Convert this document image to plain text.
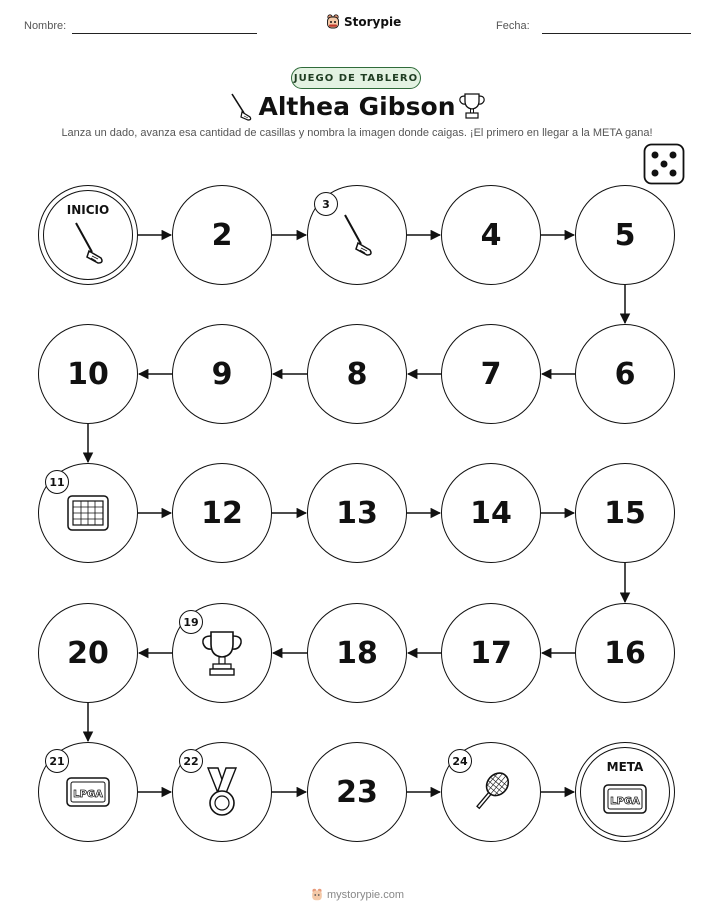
Nombre:	Storypie	Fecha:
JUEGO DE TABLERO
Althea Gibson
Lanza un dado, avanza esa cantidad de casillas y nombra la imagen donde caigas. ¡El primero en llegar a la META gana!
INICIO
2
3
4	5
6
7
8
9
10
11
12	13	14	15
16
17
18
19
20
LPGA
21	22
23
24	META
LPGA
mystorypie.com
